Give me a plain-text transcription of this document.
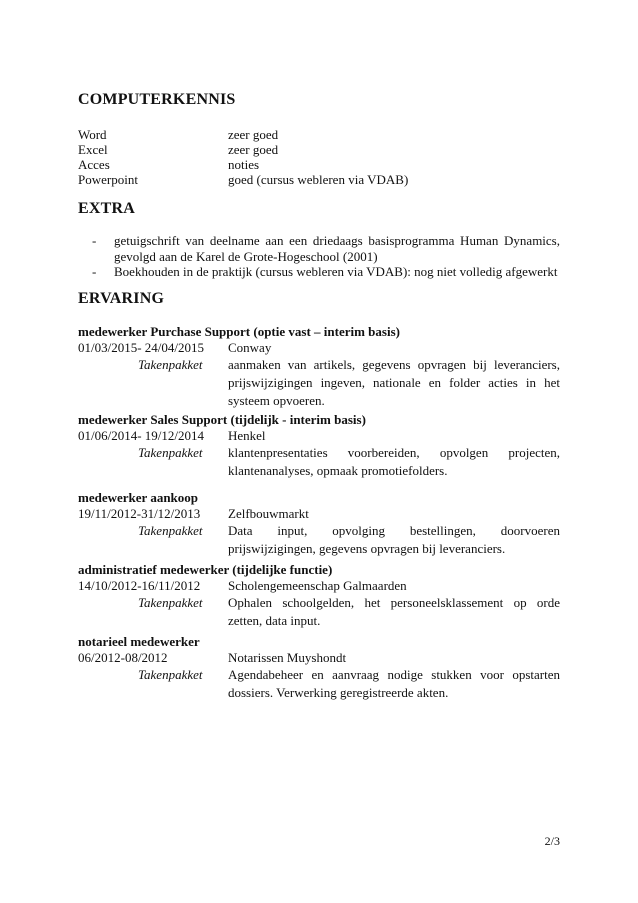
COMPUTERKENNIS
Word	zeer goed
Excel	zeer goed
Acces	noties
Powerpoint	goed (cursus webleren via VDAB)
EXTRA
- getuigschrift van deelname aan een driedaags basisprogramma Human Dynamics, gevolgd aan de Karel de Grote-Hogeschool (2001)
- Boekhouden in de praktijk (cursus webleren via VDAB): nog niet volledig afgewerkt
ERVARING
medewerker Purchase Support (optie vast – interim basis)
01/03/2015- 24/04/2015 Conway
Takenpakket aanmaken van artikels, gegevens opvragen bij leveranciers, prijswijzigingen ingeven, nationale en folder acties in het systeem opvoeren.
medewerker Sales Support (tijdelijk - interim basis)
01/06/2014- 19/12/2014 Henkel
Takenpakket klantenpresentaties voorbereiden, opvolgen projecten, klantenanalyses, opmaak promotiefolders.
medewerker aankoop
19/11/2012-31/12/2013 Zelfbouwmarkt
Takenpakket Data input, opvolging bestellingen, doorvoeren prijswijzigingen, gegevens opvragen bij leveranciers.
administratief medewerker (tijdelijke functie)
14/10/2012-16/11/2012 Scholengemeenschap Galmaarden
Takenpakket Ophalen schoolgelden, het personeelsklassement op orde zetten, data input.
notarieel medewerker
06/2012-08/2012	Notarissen Muyshondt
Takenpakket Agendabeheer en aanvraag nodige stukken voor opstarten dossiers. Verwerking geregistreerde akten.
2/3
